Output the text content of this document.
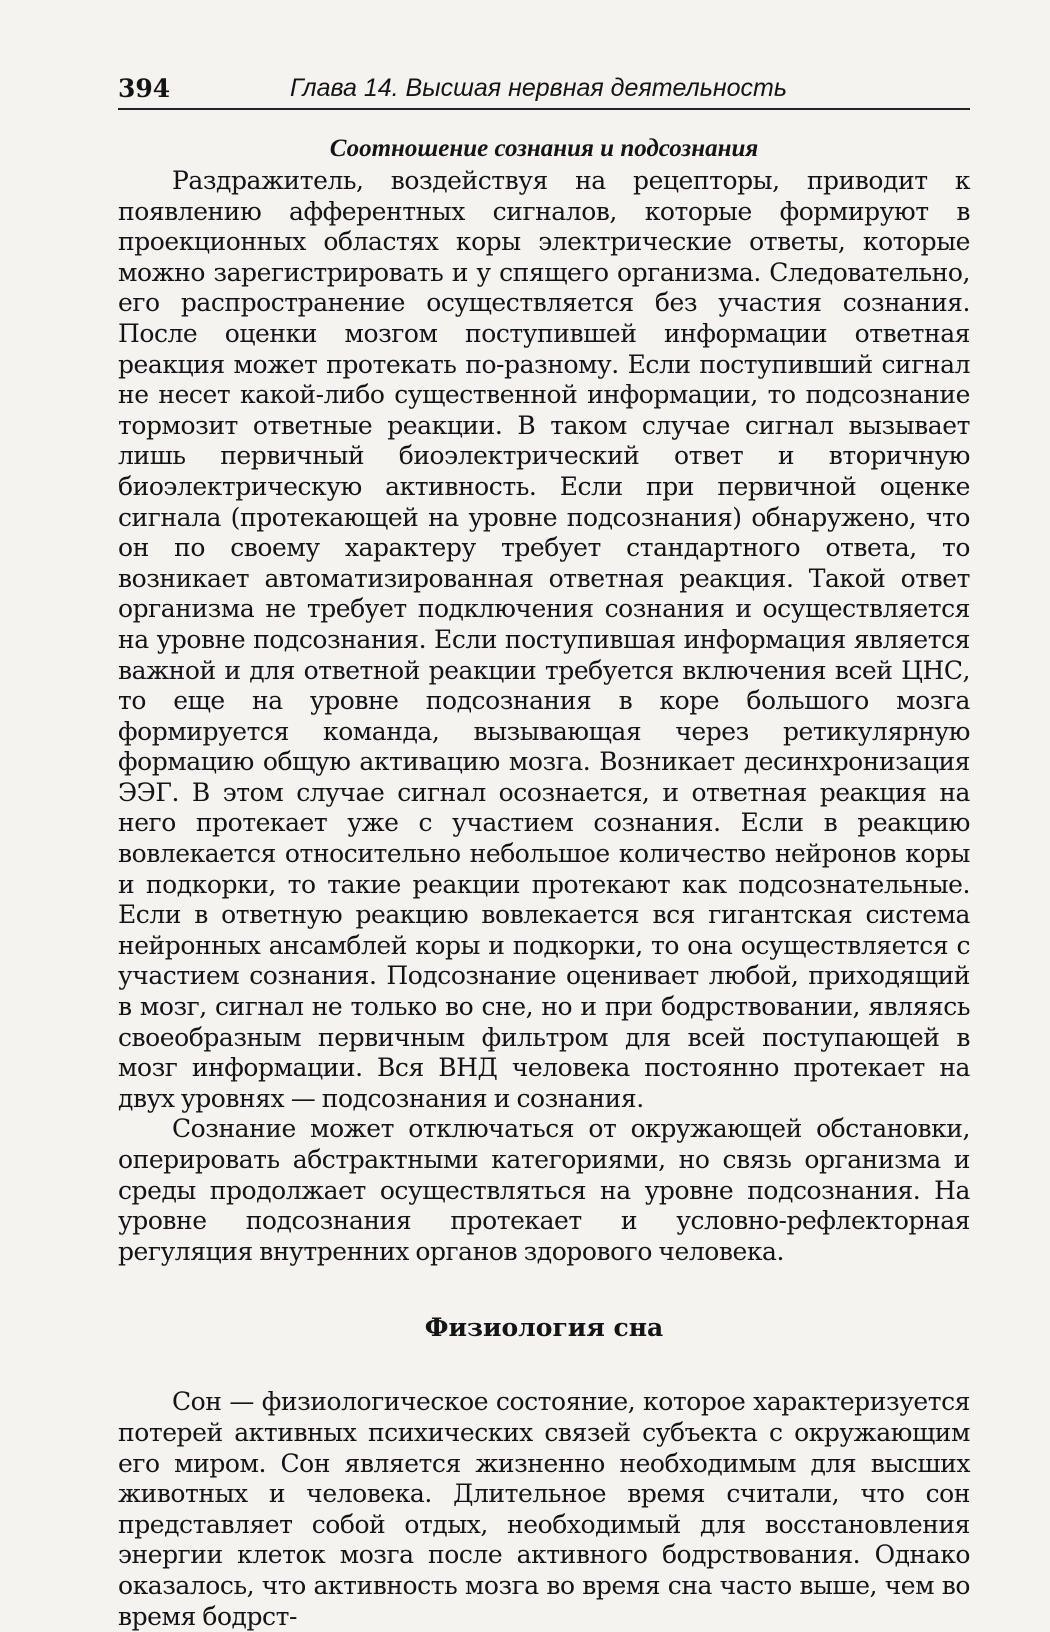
394	Глава 14. Высшая нервная деятельность
Соотношение сознания и подсознания

Раздражитель, воздействуя на рецепторы, приводит к появлению афферентных сигналов, которые формируют в проекционных областях коры электрические ответы, которые можно зарегистрировать и у спящего организма. Следовательно, его распространение осуществляется без участия сознания. После оценки мозгом поступившей информации ответная реакция может протекать по-разному. Если поступивший сигнал не несет какой-либо существенной информации, то подсознание тормозит ответные реакции. В таком случае сигнал вызывает лишь первичный биоэлектрический ответ и вторичную биоэлектрическую активность. Если при первичной оценке сигнала (протекающей на уровне подсознания) обнаружено, что он по своему характеру требует стандартного ответа, то возникает автоматизированная ответная реакция. Такой ответ организма не требует подключения сознания и осуществляется на уровне подсознания. Если поступившая информация является важной и для ответной реакции требуется включения всей ЦНС, то еще на уровне подсознания в коре большого мозга формируется команда, вызывающая через ретикулярную формацию общую активацию мозга. Возникает десинхронизация ЭЭГ. В этом случае сигнал осознается, и ответная реакция на него протекает уже с участием сознания. Если в реакцию вовлекается относительно небольшое количество нейронов коры и подкорки, то такие реакции протекают как подсознательные. Если в ответную реакцию вовлекается вся гигантская система нейронных ансамблей коры и подкорки, то она осуществляется с участием сознания. Подсознание оценивает любой, приходящий в мозг, сигнал не только во сне, но и при бодрствовании, являясь своеобразным первичным фильтром для всей поступающей в мозг информации. Вся ВНД человека постоянно протекает на двух уровнях — подсознания и сознания.

Сознание может отключаться от окружающей обстановки, оперировать абстрактными категориями, но связь организма и среды продолжает осуществляться на уровне подсознания. На уровне подсознания протекает и условно-рефлекторная регуляция внутренних органов здорового человека.

Физиология сна

Сон — физиологическое состояние, которое характеризуется потерей активных психических связей субъекта с окружающим его миром. Сон является жизненно необходимым для высших животных и человека. Длительное время считали, что сон представляет собой отдых, необходимый для восстановления энергии клеток мозга после активного бодрствования. Однако оказалось, что активность мозга во время сна часто выше, чем во время бодрст-
